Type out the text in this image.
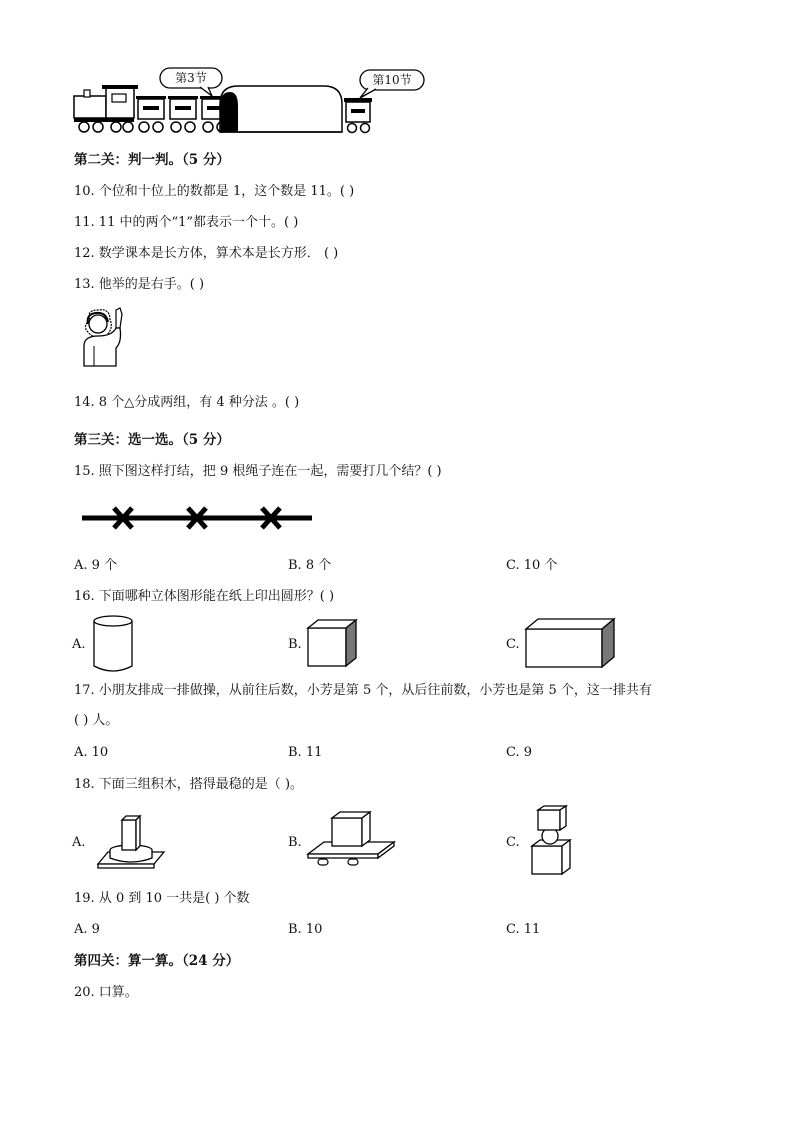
第3节	第10节
第二关：判一判。（5 分）
10. 个位和十位上的数都是 1，这个数是 11。( )
11. 11 中的两个“1”都表示一个十。( )
12. 数学课本是长方体，算术本是长方形． ( )
13. 他举的是右手。( )
14. 8 个△分成两组，有 4 种分法 。( )
第三关：选一选。（5 分）
15. 照下图这样打结，把 9 根绳子连在一起，需要打几个结？( )
A. 9 个	B. 8 个	C. 10 个
16. 下面哪种立体图形能在纸上印出圆形？( )
A.	B.	C.
17. 小朋友排成一排做操，从前往后数，小芳是第 5 个，从后往前数，小芳也是第 5 个，这一排共有
( ) 人。
A. 10	B. 11	C. 9
18. 下面三组积木，搭得最稳的是（ )。
A.	B.	C.
19. 从 0 到 10 一共是( ) 个数
A. 9	B. 10	C. 11
第四关：算一算。（24 分）
20. 口算。
